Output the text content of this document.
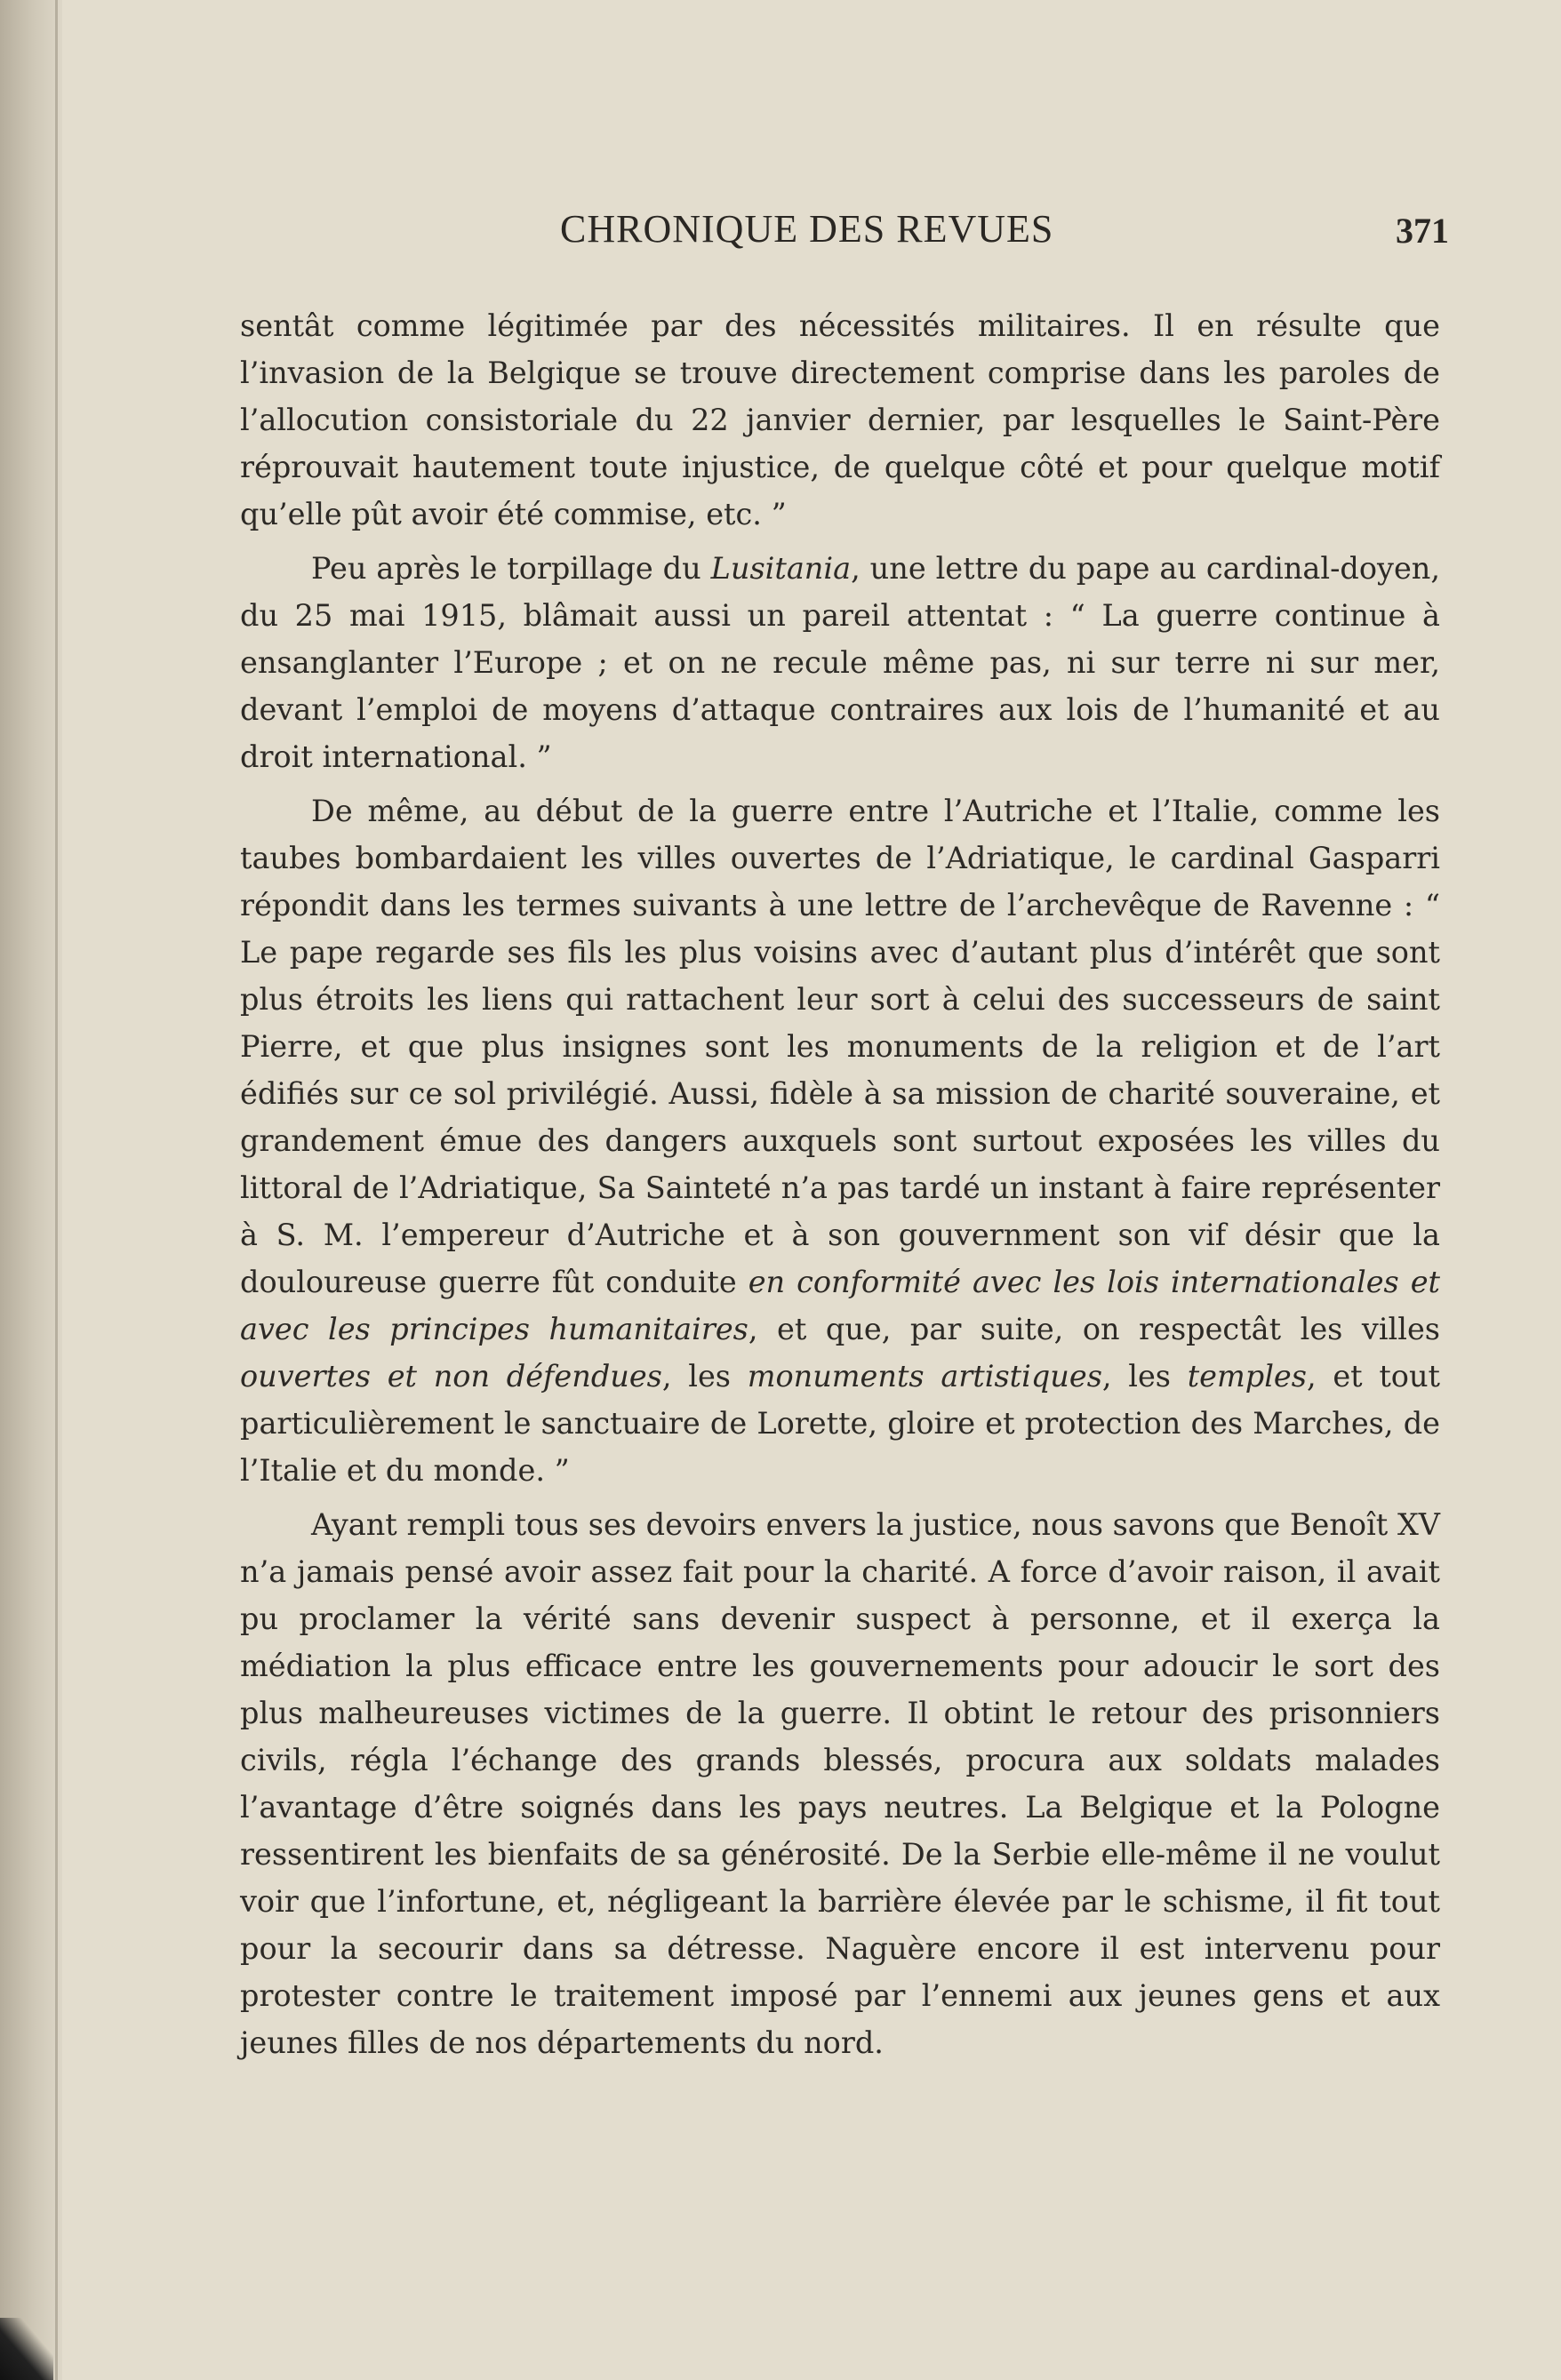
CHRONIQUE DES REVUES	371

sentât comme légitimée par des nécessités militaires. Il en résulte que l’invasion de la Belgique se trouve directement comprise dans les paroles de l’allocution consistoriale du 22 janvier dernier, par lesquelles le Saint-Père réprouvait hautement toute injustice, de quelque côté et pour quelque motif qu’elle pût avoir été commise, etc. ”

Peu après le torpillage du Lusitania, une lettre du pape au cardinal-doyen, du 25 mai 1915, blâmait aussi un pareil attentat : “ La guerre continue à ensanglanter l’Europe ; et on ne recule même pas, ni sur terre ni sur mer, devant l’emploi de moyens d’attaque contraires aux lois de l’humanité et au droit international. ”

De même, au début de la guerre entre l’Autriche et l’Italie, comme les taubes bombardaient les villes ouvertes de l’Adriatique, le cardinal Gasparri répondit dans les termes suivants à une lettre de l’archevêque de Ravenne : “ Le pape regarde ses fils les plus voisins avec d’autant plus d’intérêt que sont plus étroits les liens qui rattachent leur sort à celui des successeurs de saint Pierre, et que plus insignes sont les monuments de la religion et de l’art édifiés sur ce sol privilégié. Aussi, fidèle à sa mission de charité souveraine, et grandement émue des dangers auxquels sont surtout exposées les villes du littoral de l’Adriatique, Sa Sainteté n’a pas tardé un instant à faire représenter à S. M. l’empereur d’Autriche et à son gouvernment son vif désir que la douloureuse guerre fût conduite en conformité avec les lois internationales et avec les principes humanitaires, et que, par suite, on respectât les villes ouvertes et non défendues, les monuments artistiques, les temples, et tout particulièrement le sanctuaire de Lorette, gloire et protection des Marches, de l’Italie et du monde. ”

Ayant rempli tous ses devoirs envers la justice, nous savons que Benoît XV n’a jamais pensé avoir assez fait pour la charité. A force d’avoir raison, il avait pu proclamer la vérité sans devenir suspect à personne, et il exerça la médiation la plus efficace entre les gouvernements pour adoucir le sort des plus malheureuses victimes de la guerre. Il obtint le retour des prisonniers civils, régla l’échange des grands blessés, procura aux soldats malades l’avantage d’être soignés dans les pays neutres. La Belgique et la Pologne ressentirent les bienfaits de sa générosité. De la Serbie elle-même il ne voulut voir que l’infortune, et, négligeant la barrière élevée par le schisme, il fit tout pour la secourir dans sa détresse. Naguère encore il est intervenu pour protester contre le traitement imposé par l’ennemi aux jeunes gens et aux jeunes filles de nos départements du nord.
